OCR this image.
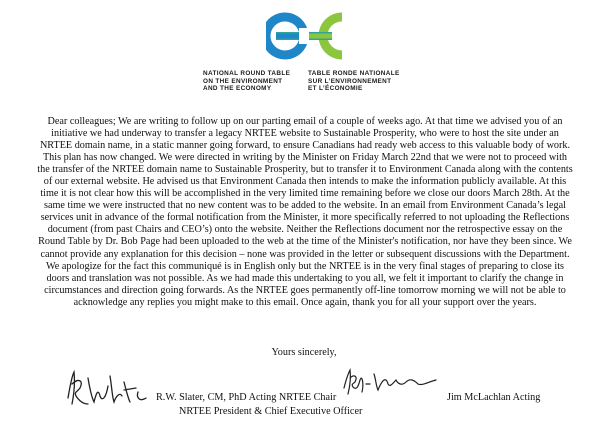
NATIONAL ROUND TABLE
ON THE ENVIRONMENT
AND THE ECONOMY
TABLE RONDE NATIONALE
SUR L’ENVIRONNEMENT
ET L’ÉCONOMIE

Dear colleagues; We are writing to follow up on our parting email of a couple of weeks ago. At that time we advised you of an initiative we had underway to transfer a legacy NRTEE website to Sustainable Prosperity, who were to host the site under an NRTEE domain name, in a static manner going forward, to ensure Canadians had ready web access to this valuable body of work. This plan has now changed. We were directed in writing by the Minister on Friday March 22nd that we were not to proceed with the transfer of the NRTEE domain name to Sustainable Prosperity, but to transfer it to Environment Canada along with the contents of our external website. He advised us that Environment Canada then intends to make the information publicly available. At this time it is not clear how this will be accomplished in the very limited time remaining before we close our doors March 28th. At the same time we were instructed that no new content was to be added to the website. In an email from Environment Canada’s legal services unit in advance of the formal notification from the Minister, it more specifically referred to not uploading the Reflections document (from past Chairs and CEO’s) onto the website. Neither the Reflections document nor the retrospective essay on the Round Table by Dr. Bob Page had been uploaded to the web at the time of the Minister's notification, nor have they been since. We cannot provide any explanation for this decision – none was provided in the letter or subsequent discussions with the Department. We apologize for the fact this communiqué is in English only but the NRTEE is in the very final stages of preparing to close its doors and translation was not possible. As we had made this undertaking to you all, we felt it important to clarify the change in circumstances and direction going forwards. As the NRTEE goes permanently off-line tomorrow morning we will not be able to acknowledge any replies you might make to this email. Once again, thank you for all your support over the years.

Yours sincerely,

R.W. Slater, CM, PhD Acting NRTEE Chair	Jim McLachlan Acting

NRTEE President & Chief Executive Officer
